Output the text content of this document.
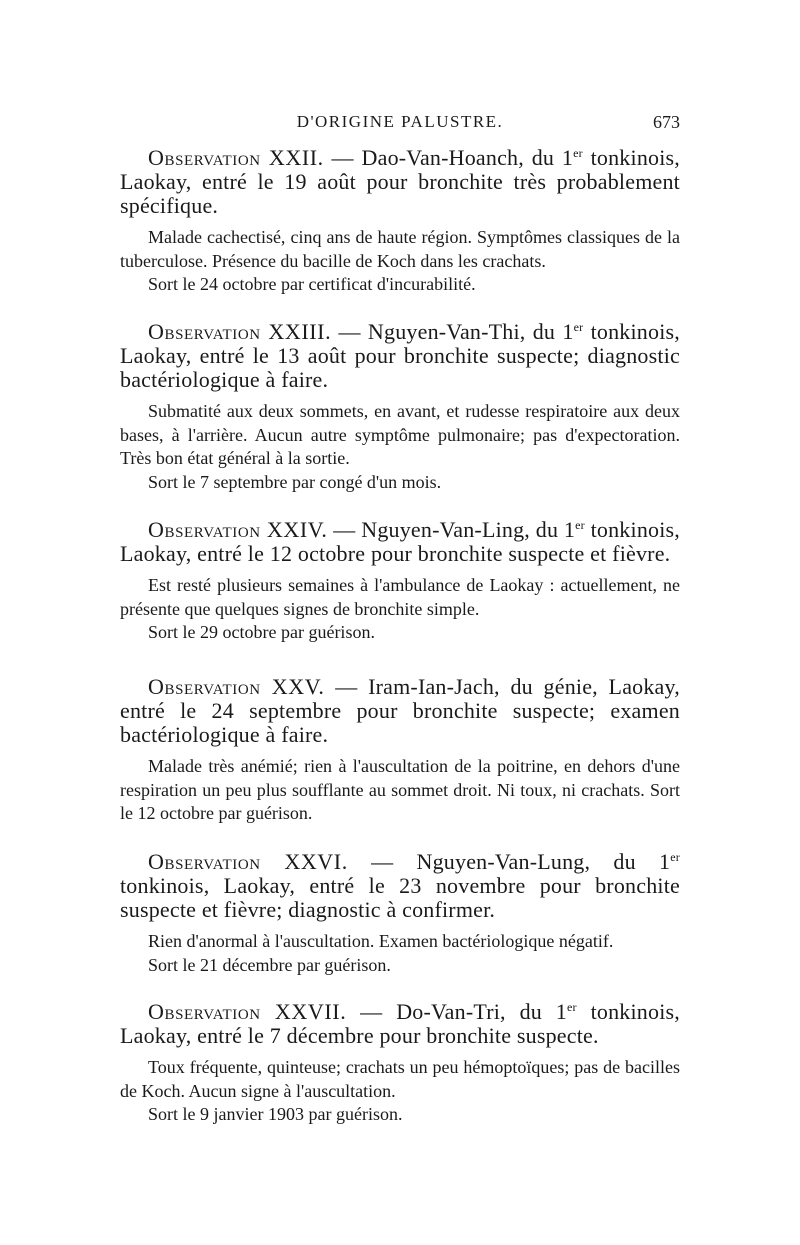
D'ORIGINE PALUSTRE.	673

Observation XXII. — Dao-Van-Hoanch, du 1er tonkinois, Laokay, entré le 19 août pour bronchite très probablement spécifique.

Malade cachectisé, cinq ans de haute région. Symptômes classiques de la tuberculose. Présence du bacille de Koch dans les crachats.

Sort le 24 octobre par certificat d'incurabilité.

Observation XXIII. — Nguyen-Van-Thi, du 1er tonkinois, Laokay, entré le 13 août pour bronchite suspecte; diagnostic bactériologique à faire.

Submatité aux deux sommets, en avant, et rudesse respiratoire aux deux bases, à l'arrière. Aucun autre symptôme pulmonaire; pas d'expectoration. Très bon état général à la sortie.

Sort le 7 septembre par congé d'un mois.

Observation XXIV. — Nguyen-Van-Ling, du 1er tonkinois, Laokay, entré le 12 octobre pour bronchite suspecte et fièvre.

Est resté plusieurs semaines à l'ambulance de Laokay : actuellement, ne présente que quelques signes de bronchite simple.

Sort le 29 octobre par guérison.

Observation XXV. — Iram-Ian-Jach, du génie, Laokay, entré le 24 septembre pour bronchite suspecte; examen bactériologique à faire.

Malade très anémié; rien à l'auscultation de la poitrine, en dehors d'une respiration un peu plus soufflante au sommet droit. Ni toux, ni crachats. Sort le 12 octobre par guérison.

Observation XXVI. — Nguyen-Van-Lung, du 1er tonkinois, Laokay, entré le 23 novembre pour bronchite suspecte et fièvre; diagnostic à confirmer.

Rien d'anormal à l'auscultation. Examen bactériologique négatif.

Sort le 21 décembre par guérison.

Observation XXVII. — Do-Van-Tri, du 1er tonkinois, Laokay, entré le 7 décembre pour bronchite suspecte.

Toux fréquente, quinteuse; crachats un peu hémoptoïques; pas de bacilles de Koch. Aucun signe à l'auscultation.

Sort le 9 janvier 1903 par guérison.
